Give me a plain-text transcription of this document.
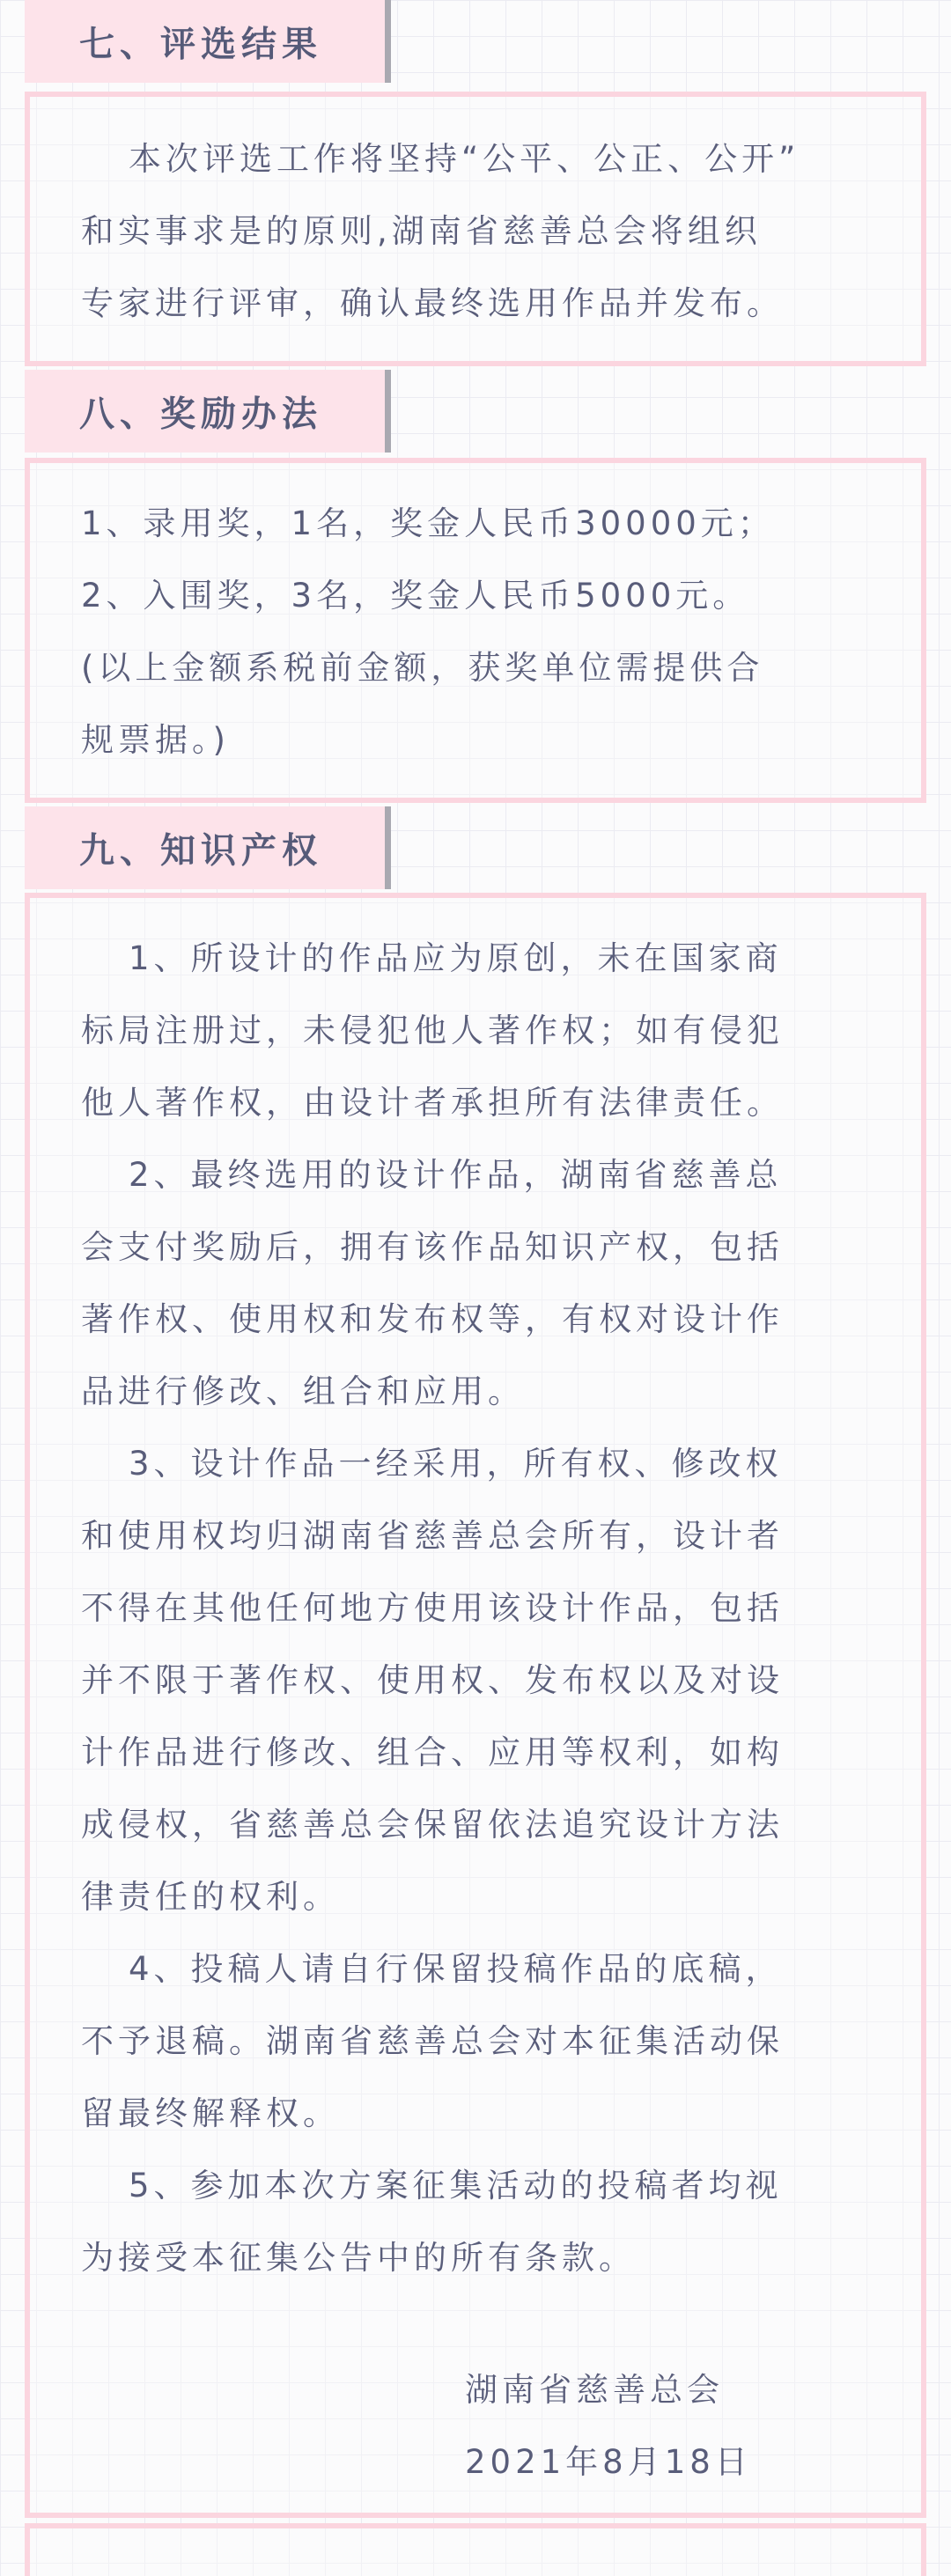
七、评选结果
本次评选工作将坚持“公平、公正、公开”
和实事求是的原则,湖南省慈善总会将组织
专家进行评审，确认最终选用作品并发布。
八、奖励办法
1、录用奖，1名，奖金人民币30000元；
2、入围奖，3名，奖金人民币5000元。
(以上金额系税前金额，获奖单位需提供合
规票据。)
九、知识产权
1、所设计的作品应为原创，未在国家商
标局注册过，未侵犯他人著作权；如有侵犯
他人著作权，由设计者承担所有法律责任。
2、最终选用的设计作品，湖南省慈善总
会支付奖励后，拥有该作品知识产权，包括
著作权、使用权和发布权等，有权对设计作
品进行修改、组合和应用。
3、设计作品一经采用，所有权、修改权
和使用权均归湖南省慈善总会所有，设计者
不得在其他任何地方使用该设计作品，包括
并不限于著作权、使用权、发布权以及对设
计作品进行修改、组合、应用等权利，如构
成侵权，省慈善总会保留依法追究设计方法
律责任的权利。
4、投稿人请自行保留投稿作品的底稿，
不予退稿。湖南省慈善总会对本征集活动保
留最终解释权。
5、参加本次方案征集活动的投稿者均视
为接受本征集公告中的所有条款。
湖南省慈善总会
2021年8月18日
